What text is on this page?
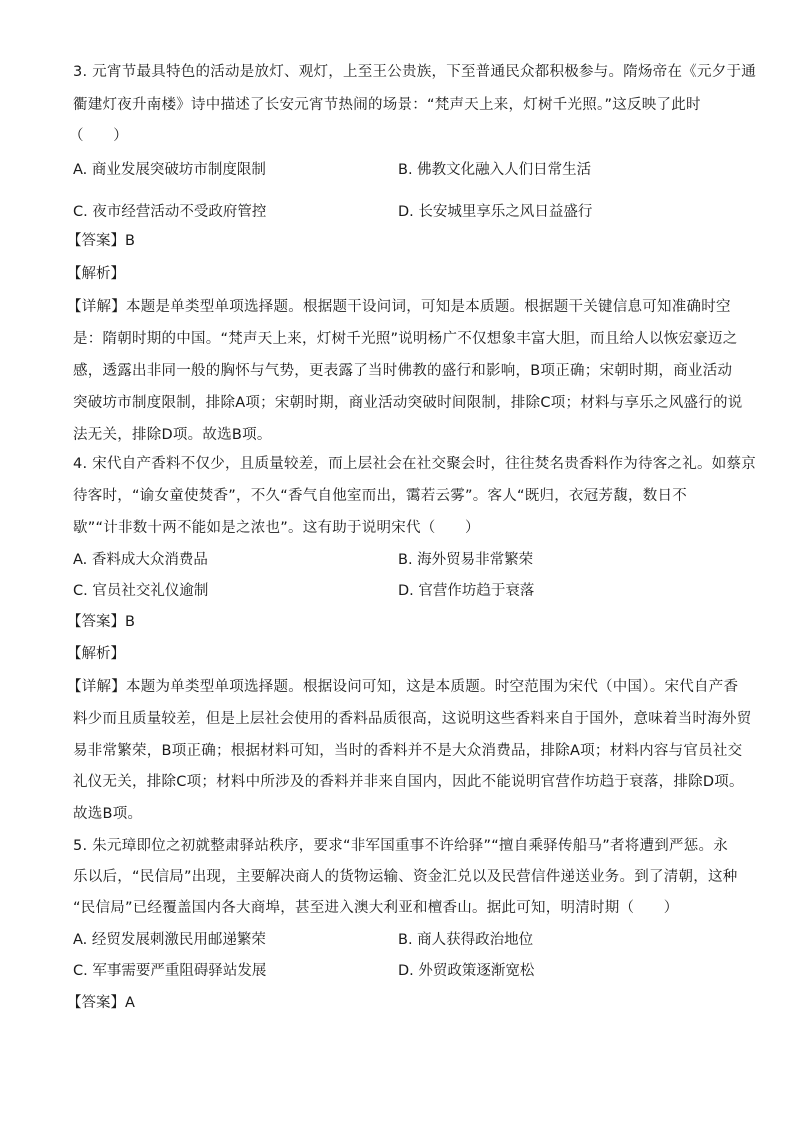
3. 元宵节最具特色的活动是放灯、观灯，上至王公贵族，下至普通民众都积极参与。隋炀帝在《元夕于通

衢建灯夜升南楼》诗中描述了长安元宵节热闹的场景：“梵声天上来，灯树千光照。”这反映了此时

（　　）

A. 商业发展突破坊市制度限制	B. 佛教文化融入人们日常生活
C. 夜市经营活动不受政府管控	D. 长安城里享乐之风日益盛行
【答案】B
【解析】

【详解】本题是单类型单项选择题。根据题干设问词，可知是本质题。根据题干关键信息可知准确时空

是：隋朝时期的中国。“梵声天上来，灯树千光照”说明杨广不仅想象丰富大胆，而且给人以恢宏豪迈之

感，透露出非同一般的胸怀与气势，更表露了当时佛教的盛行和影响，B项正确；宋朝时期，商业活动

突破坊市制度限制，排除A项；宋朝时期，商业活动突破时间限制，排除C项；材料与享乐之风盛行的说

法无关，排除D项。故选B项。

4. 宋代自产香料不仅少，且质量较差，而上层社会在社交聚会时，往往焚名贵香料作为待客之礼。如蔡京

待客时，“谕女童使焚香”，不久“香气自他室而出，霭若云雾”。客人“既归，衣冠芳馥，数日不

歇”“计非数十两不能如是之浓也”。这有助于说明宋代（　　）

A. 香料成大众消费品	B. 海外贸易非常繁荣
C. 官员社交礼仪逾制	D. 官营作坊趋于衰落
【答案】B
【解析】

【详解】本题为单类型单项选择题。根据设问可知，这是本质题。时空范围为宋代（中国）。宋代自产香

料少而且质量较差，但是上层社会使用的香料品质很高，这说明这些香料来自于国外，意味着当时海外贸

易非常繁荣，B项正确；根据材料可知，当时的香料并不是大众消费品，排除A项；材料内容与官员社交

礼仪无关，排除C项；材料中所涉及的香料并非来自国内，因此不能说明官营作坊趋于衰落，排除D项。

故选B项。

5. 朱元璋即位之初就整肃驿站秩序，要求“非军国重事不许给驿”“擅自乘驿传船马”者将遭到严惩。永

乐以后，“民信局”出现，主要解决商人的货物运输、资金汇兑以及民营信件递送业务。到了清朝，这种

“民信局”已经覆盖国内各大商埠，甚至进入澳大利亚和檀香山。据此可知，明清时期（　　）

A. 经贸发展刺激民用邮递繁荣	B. 商人获得政治地位
C. 军事需要严重阻碍驿站发展	D. 外贸政策逐渐宽松
【答案】A
